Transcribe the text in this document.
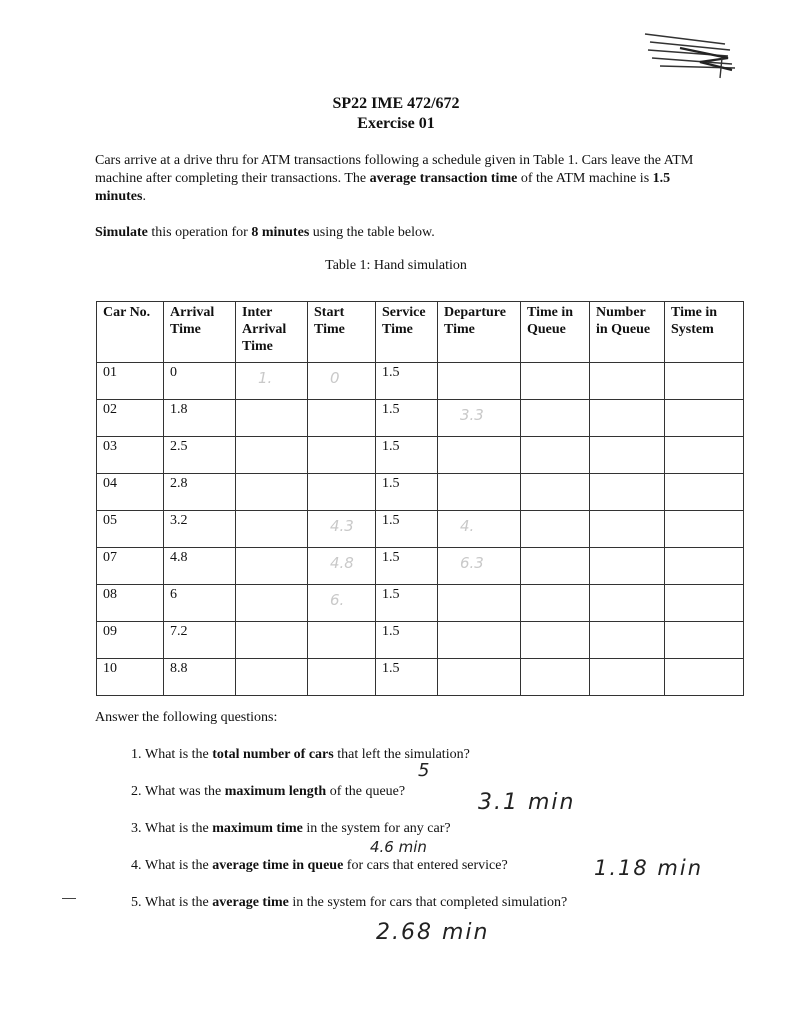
SP22 IME 472/672
Exercise 01
Cars arrive at a drive thru for ATM transactions following a schedule given in Table 1. Cars leave the ATM machine after completing their transactions. The average transaction time of the ATM machine is 1.5 minutes.
Simulate this operation for 8 minutes using the table below.
Table 1: Hand simulation
Car No.	Arrival Time	Inter Arrival Time	Start Time	Service Time	Departure Time	Time in Queue	Number in Queue	Time in System
01	0	1.	0	1.5				
02	1.8			1.5	3.3			

03	2.5			1.5				
04	2.8			1.5				
05	3.2		4.3	1.5	4.			

07	4.8		4.8	1.5	6.3			

08	6		6.	1.5				
09	7.2			1.5				
10	8.8			1.5				
Answer the following questions:
1. What is the total number of cars that left the simulation?
2. What was the maximum length of the queue?
3. What is the maximum time in the system for any car?
4. What is the average time in queue for cars that entered service?
5. What is the average time in the system for cars that completed simulation?
5
3.1 min
4.6 min
1.18 min
2.68 min
